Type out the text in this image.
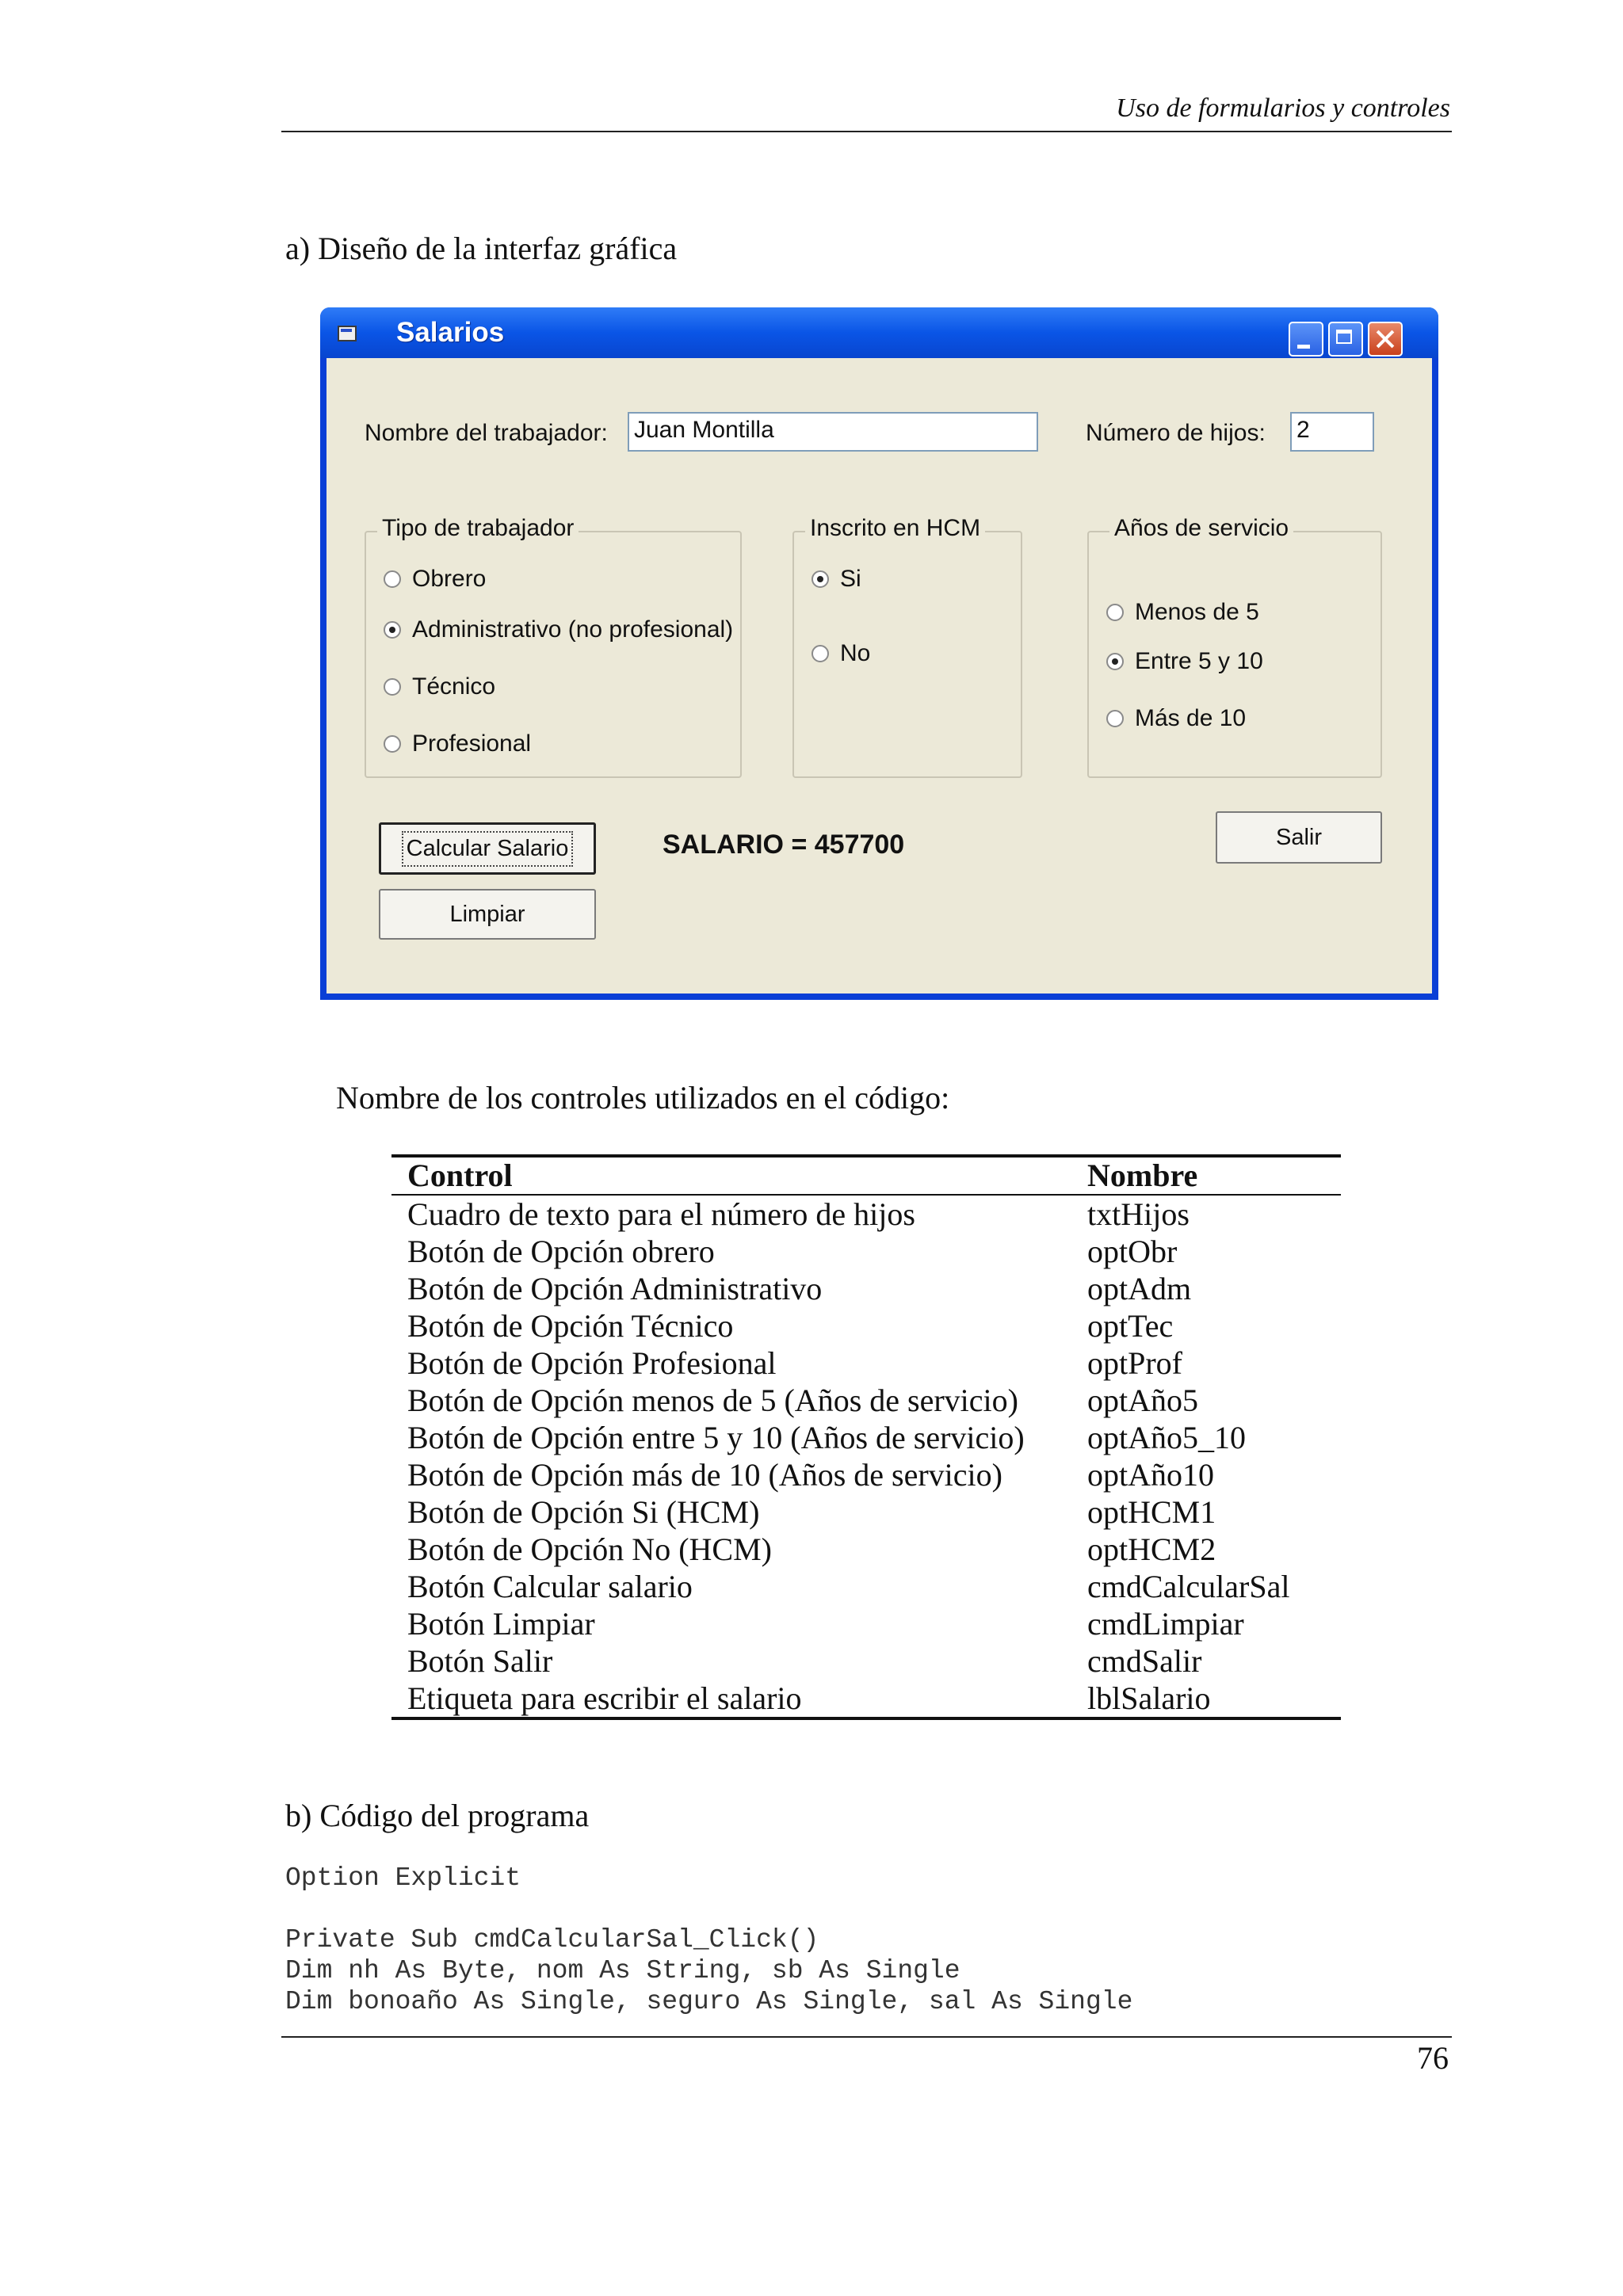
Uso de formularios y controles
a) Diseño de la interfaz gráfica
Salarios
Nombre del trabajador: Juan Montilla	Número de hijos: 2
Tipo de trabajador
Obrero
Administrativo (no profesional)
Técnico
Profesional
Inscrito en HCM
Si
No
Años de servicio
Menos de 5
Entre 5 y 10
Más de 10
Calcular Salario
Limpiar
SALARIO = 457700	Salir
Nombre de los controles utilizados en el código:
Control	Nombre
Cuadro de texto para el número de hijos	txtHijos
Botón de Opción obrero	optObr
Botón de Opción Administrativo	optAdm
Botón de Opción Técnico	optTec
Botón de Opción Profesional	optProf
Botón de Opción menos de 5 (Años de servicio)	optAño5
Botón de Opción entre 5 y 10 (Años de servicio)	optAño5_10
Botón de Opción más de 10 (Años de servicio)	optAño10
Botón de Opción Si (HCM)	optHCM1
Botón de Opción No (HCM)	optHCM2
Botón Calcular salario	cmdCalcularSal
Botón Limpiar	cmdLimpiar
Botón Salir	cmdSalir
Etiqueta para escribir el salario	lblSalario
b) Código del programa
Option Explicit
Private Sub cmdCalcularSal_Click()
Dim nh As Byte, nom As String, sb As Single
Dim bonoaño As Single, seguro As Single, sal As Single
76
